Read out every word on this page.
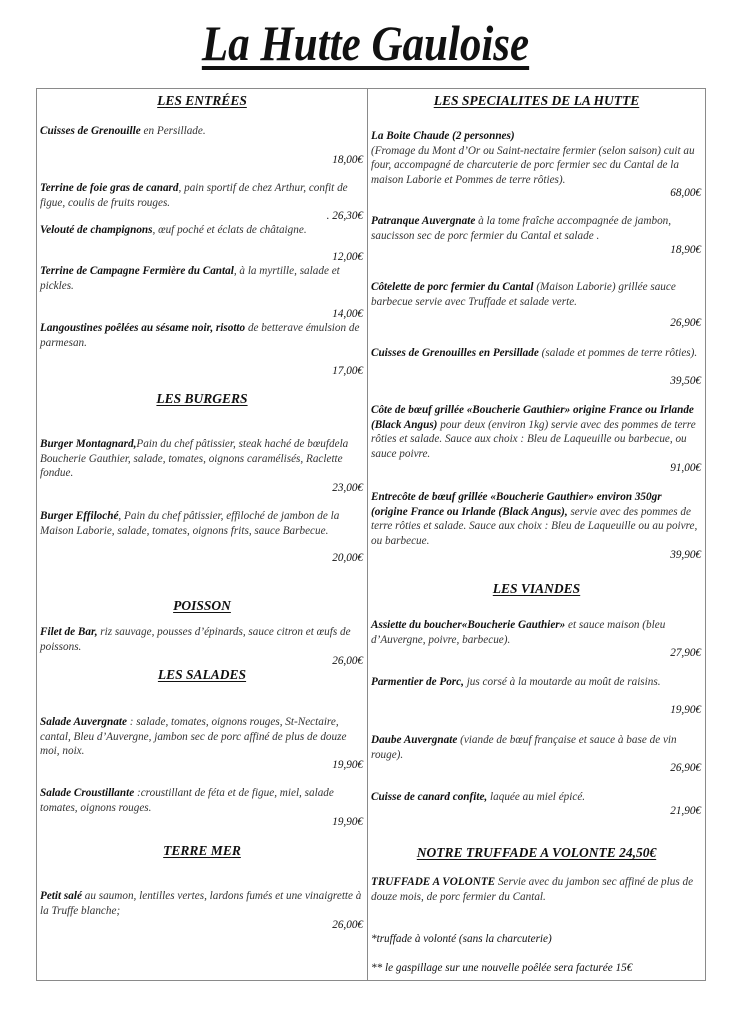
La Hutte Gauloise
LES ENTRÉES
Cuisses de Grenouille en Persillade.
18,00€
Terrine de foie gras de canard, pain sportif de chez Arthur, confit de figue, coulis de fruits rouges.
. 26,30€
Velouté de champignons, œuf poché et éclats de châtaigne.
12,00€
Terrine de Campagne Fermière du Cantal, à la myrtille, salade et pickles.
14,00€
Langoustines poêlées au sésame noir, risotto de betterave émulsion de parmesan.
17,00€
LES BURGERS
Burger Montagnard,Pain du chef pâtissier, steak haché de bœufdela Boucherie Gauthier, salade, tomates, oignons caramélisés, Raclette fondue.
23,00€
Burger Effiloché, Pain du chef pâtissier, effiloché de jambon de la Maison Laborie, salade, tomates, oignons frits, sauce Barbecue.
20,00€
POISSON
Filet de Bar, riz sauvage, pousses d’épinards, sauce citron et œufs de poissons.
26,00€
LES SALADES
Salade Auvergnate : salade, tomates, oignons rouges, St-Nectaire, cantal, Bleu d’Auvergne, jambon sec de porc affiné de plus de douze moi, noix.
19,90€
Salade Croustillante :croustillant de féta et de figue, miel, salade tomates, oignons rouges.
19,90€
TERRE MER
Petit salé au saumon, lentilles vertes, lardons fumés et une vinaigrette à la Truffe blanche;
26,00€
LES SPECIALITES DE LA HUTTE
La Boite Chaude (2 personnes)
(Fromage du Mont d’Or ou Saint-nectaire fermier (selon saison) cuit au four, accompagné de charcuterie de porc fermier sec du Cantal de la maison Laborie et Pommes de terre rôties).
68,00€
Patranque Auvergnate à la tome fraîche accompagnée de jambon, saucisson sec de porc fermier du Cantal et salade .
18,90€
Côtelette de porc fermier du Cantal (Maison Laborie) grillée sauce barbecue servie avec Truffade et salade verte.
26,90€
Cuisses de Grenouilles en Persillade (salade et pommes de terre rôties).
39,50€
Côte de bœuf grillée «Boucherie Gauthier» origine France ou Irlande (Black Angus) pour deux (environ 1kg) servie avec des pommes de terre rôties et salade. Sauce aux choix : Bleu de Laqueuille ou barbecue, ou sauce poivre.
91,00€
Entrecôte de bœuf grillée «Boucherie Gauthier» environ 350gr (origine France ou Irlande (Black Angus), servie avec des pommes de terre rôties et salade. Sauce aux choix : Bleu de Laqueuille ou au poivre, ou barbecue.
39,90€
LES VIANDES
Assiette du boucher«Boucherie Gauthier» et sauce maison (bleu d’Auvergne, poivre, barbecue).
27,90€
Parmentier de Porc, jus corsé à la moutarde au moût de raisins.
19,90€
Daube Auvergnate (viande de bœuf française et sauce à base de vin rouge).
26,90€
Cuisse de canard confite, laquée au miel épicé.
21,90€
NOTRE TRUFFADE A VOLONTE 24,50€
TRUFFADE A VOLONTE Servie avec du jambon sec affiné de plus de douze mois, de porc fermier du Cantal.
*truffade à volonté (sans la charcuterie)
** le gaspillage sur une nouvelle poêlée sera facturée 15€
